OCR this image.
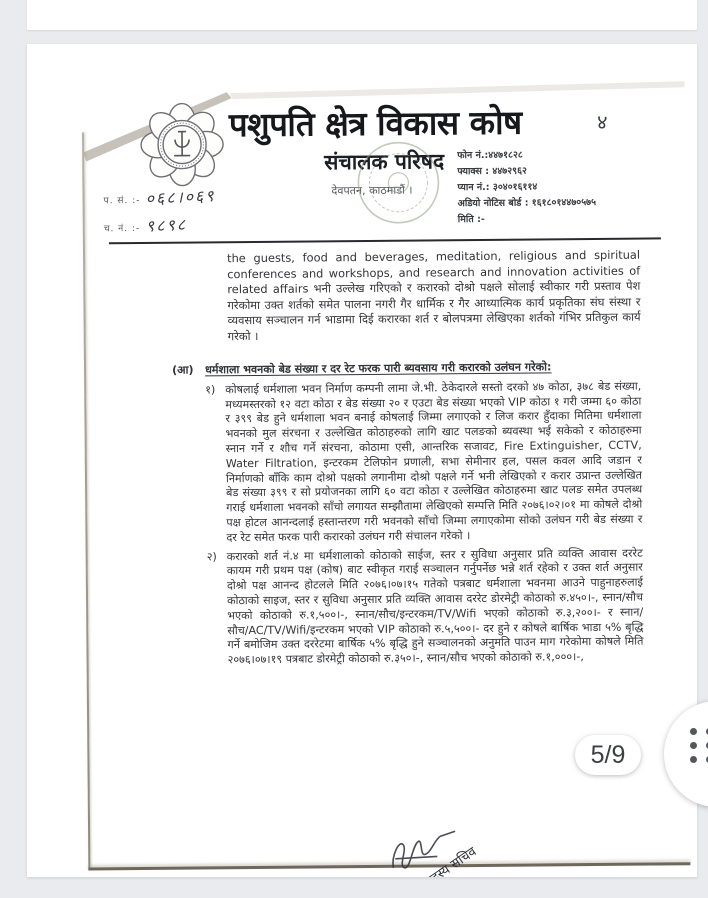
पशुपति क्षेत्र विकास कोष	४
संचालक परिषद
देवपतन, काठमाडौं ।
फोन नं.:४४७१८२८
फ्याक्स : ४४७२९६२
प्यान नं.: ३०४०१६११४
अडियो नोटिस बोर्ड : १६१८०१४४७०५७५
मिति :-
प. सं. :- ०६८।०६९
च. नं. :- ९८९८
the guests, food and beverages, meditation, religious and spiritual conferences and workshops, and research and innovation activities of related affairs भनी उल्लेख गरिएको र करारको दोश्रो पक्षले सोलाई स्वीकार गरी प्रस्ताव पेश गरेकोमा उक्त शर्तको समेत पालना नगरी गैर धार्मिक र गैर आध्यात्मिक कार्य प्रकृतिका संघ संस्था र व्यवसाय सञ्चालन गर्न भाडामा दिई करारका शर्त र बोलपत्रमा लेखिएका शर्तको गंभिर प्रतिकुल कार्य गरेको ।
(आ)	धर्मशाला भवनको बेड संख्या र दर रेट फरक पारी ब्यवसाय गरी करारको उलंघन गरेको:
१) कोषलाई धर्मशाला भवन निर्माण कम्पनी लामा जे.भी. ठेकेदारले सस्तो दरको ४७ कोठा, ३७८ बेड संख्या, मध्यमस्तरको १२ वटा कोठा र बेड संख्या २० र एउटा बेड संख्या भएको VIP कोठा १ गरी जम्मा ६० कोठा र ३९९ बेड हुने धर्मशाला भवन बनाई कोषलाई जिम्मा लगाएको र लिज करार हुँदाका मितिमा धर्मशाला भवनको मुल संरचना र उल्लेखित कोठाहरुको लागि खाट पलङको ब्यवस्था भई सकेको र कोठाहरुमा स्नान गर्ने र शौच गर्ने संरचना, कोठामा एसी, आन्तरिक सजावट, Fire Extinguisher, CCTV, Water Filtration, इन्टरकम टेलिफोन प्रणाली, सभा सेमीनार हल, पसल कवल आदि जडान र निर्माणको बाँकि काम दोश्रो पक्षको लगानीमा दोश्रो पक्षले गर्ने भनी लेखिएको र करार उप्रान्त उल्लेखित बेड संख्या ३९९ र सो प्रयोजनका लागि ६० वटा कोठा र उल्लेखित कोठाहरुमा खाट पलङ समेत उपलब्ध गराई धर्मशाला भवनको साँचो लगायत सम्झौतामा लेखिएको सम्पत्ति मिति २०७६।०२।०१ मा कोषले दोश्रो पक्ष होटल आनन्दलाई हस्तान्तरण गरी भवनको साँचो जिम्मा लगाएकोमा सोको उलंघन गरी बेड संख्या र दर रेट समेत फरक पारी करारको उलंघन गरी संचालन गरेको ।
२) करारको शर्त नं.४ मा धर्मशालाको कोठाको साईज, स्तर र सुविधा अनुसार प्रति व्यक्ति आवास दररेट कायम गरी प्रथम पक्ष (कोष) बाट स्वीकृत गराई सञ्चालन गर्नुपर्नेछ भन्ने शर्त रहेको र उक्त शर्त अनुसार दोश्रो पक्ष आनन्द होटलले मिति २०७६।०७।१५ गतेको पत्रबाट धर्मशाला भवनमा आउने पाहुनाहरुलाई कोठाको साइज, स्तर र सुविधा अनुसार प्रति व्यक्ति आवास दररेट डोरमेट्री कोठाको रु.४५०।-, स्नान/सौच भएको कोठाको रु.१,५००।-, स्नान/सौच/इन्टरकम/TV/Wifi भएको कोठाको रु.३,२००।- र स्नान/सौच/AC/TV/Wifi/इन्टरकम भएको VIP कोठाको रु.५,५००।- दर हुने र कोषले बार्षिक भाडा ५% बृद्धि गर्ने बमोजिम उक्त दररेटमा बार्षिक ५% बृद्धि हुने सञ्चालनको अनुमति पाउन माग गरेकोमा कोषले मिति २०७६।०७।१९ पत्रबाट डोरमेट्री कोठाको रु.३५०।-, स्नान/सौच भएको कोठाको रु.१,०००।-,
सदस्य सचिव
5/9
